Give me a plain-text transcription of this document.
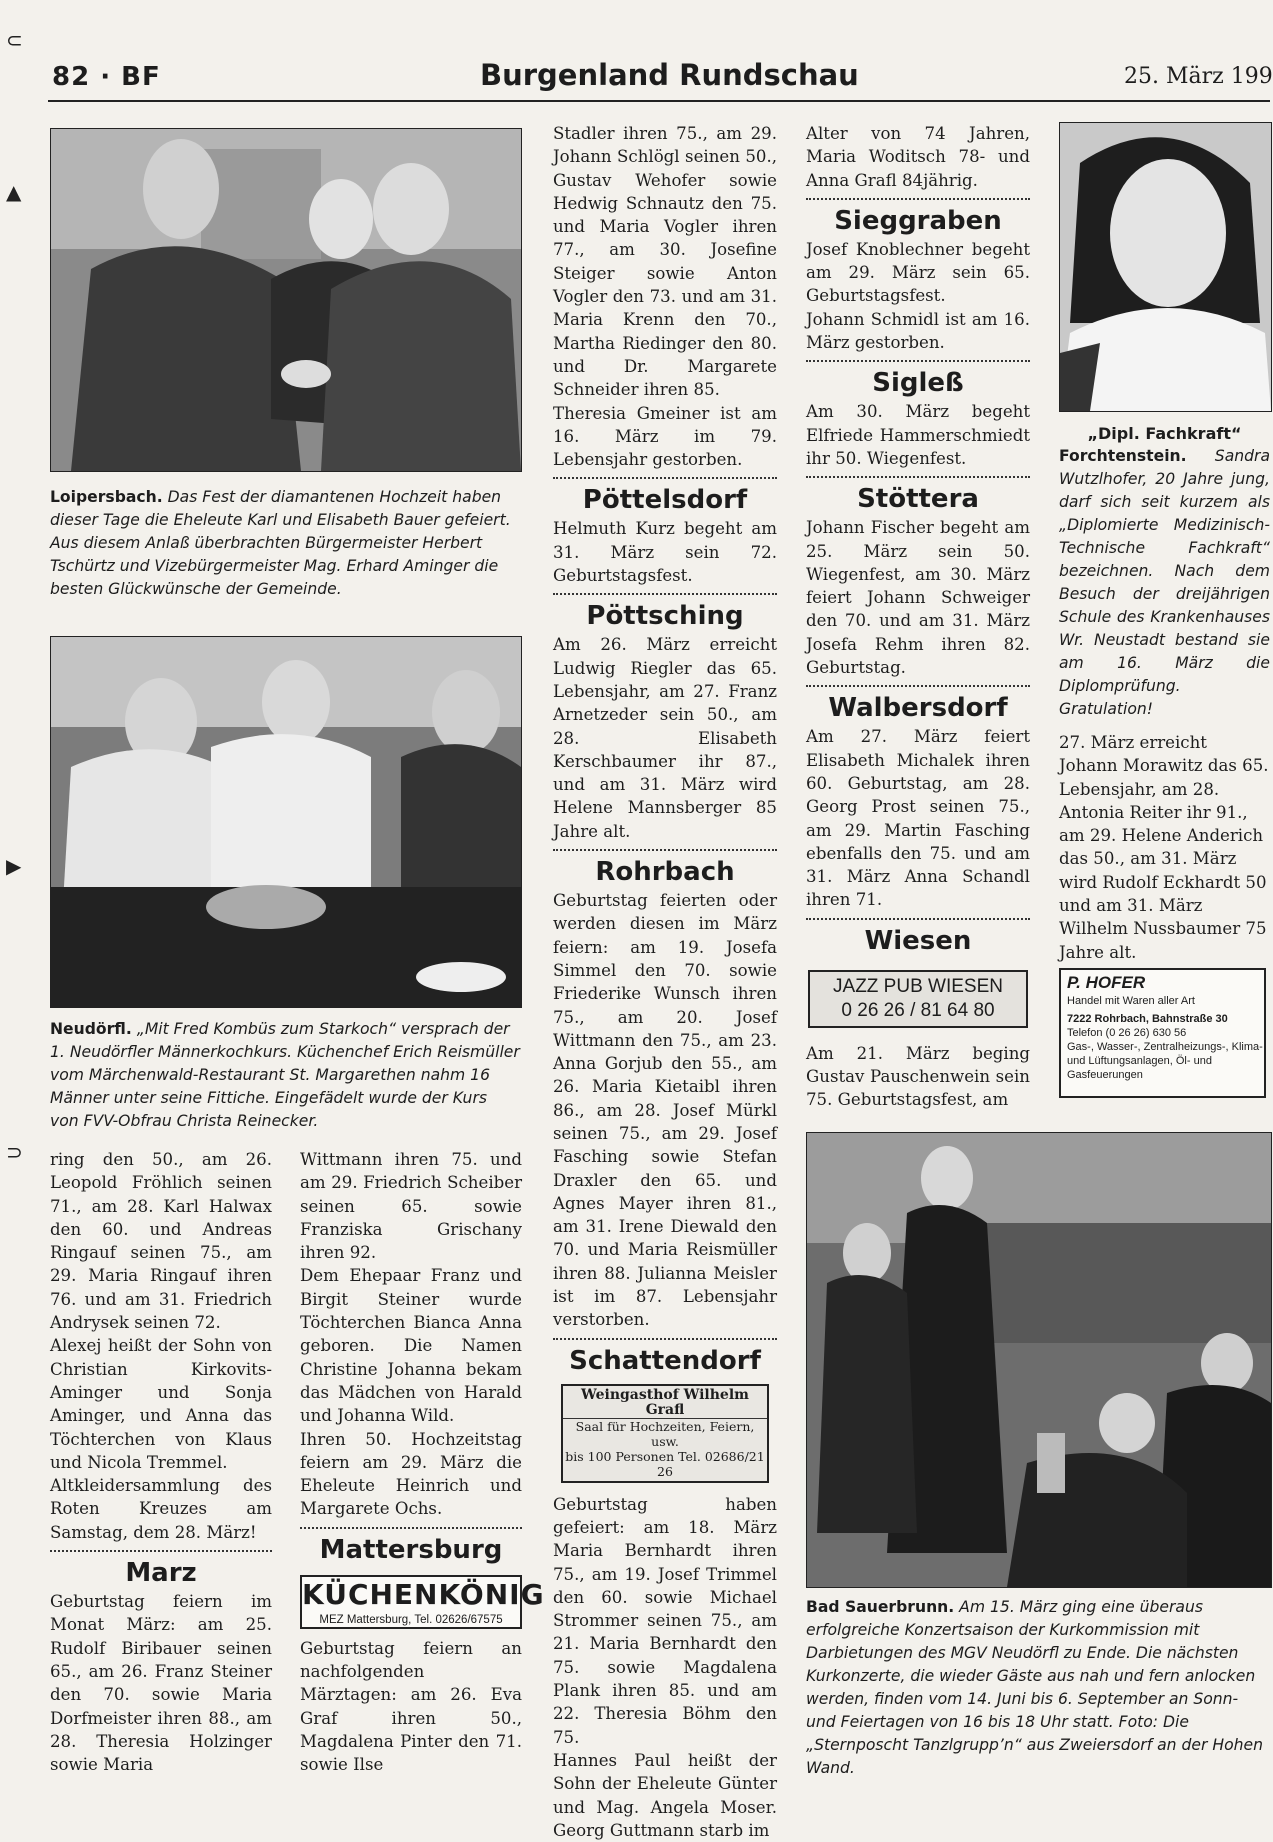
⊂
▲
▶
⊃
82 · BF	Burgenland Rundschau	25. März 199
Loipersbach. Das Fest der diamantenen Hochzeit haben dieser Tage die Eheleute Karl und Elisabeth Bauer gefeiert. Aus diesem Anlaß überbrachten Bürgermeister Herbert Tschürtz und Vizebürgermeister Mag. Erhard Aminger die besten Glückwünsche der Gemeinde.
Neudörfl. „Mit Fred Kombüs zum Starkoch“ versprach der 1. Neudörfler Männerkochkurs. Küchenchef Erich Reismüller vom Märchenwald-Restaurant St. Margarethen nahm 16 Männer unter seine Fittiche. Eingefädelt wurde der Kurs von FVV-Obfrau Christa Reinecker.

ring den 50., am 26. Leopold Fröhlich seinen 71., am 28. Karl Halwax den 60. und Andreas Ringauf seinen 75., am 29. Maria Ringauf ihren 76. und am 31. Friedrich Andrysek seinen 72.

Alexej heißt der Sohn von Christian Kirkovits-Aminger und Sonja Aminger, und Anna das Töchterchen von Klaus und Nicola Tremmel.

Altkleidersammlung des Roten Kreuzes am Samstag, dem 28. März!

Marz

Geburtstag feiern im Monat März: am 25. Rudolf Biribauer seinen 65., am 26. Franz Steiner den 70. sowie Maria Dorfmeister ihren 88., am 28. Theresia Holzinger sowie Maria

Wittmann ihren 75. und am 29. Friedrich Scheiber seinen 65. sowie Franziska Grischany ihren 92.

Dem Ehepaar Franz und Birgit Steiner wurde Töchterchen Bianca Anna geboren. Die Namen Christine Johanna bekam das Mädchen von Harald und Johanna Wild.

Ihren 50. Hochzeitstag feiern am 29. März die Eheleute Heinrich und Margarete Ochs.

Mattersburg
KÜCHENKÖNIG
MEZ Mattersburg, Tel. 02626/67575

Geburtstag feiern an nachfolgenden Märztagen: am 26. Eva Graf ihren 50., Magdalena Pinter den 71. sowie Ilse

Stadler ihren 75., am 29. Johann Schlögl seinen 50., Gustav Wehofer sowie Hedwig Schnautz den 75. und Maria Vogler ihren 77., am 30. Josefine Steiger sowie Anton Vogler den 73. und am 31. Maria Krenn den 70., Martha Riedinger den 80. und Dr. Margarete Schneider ihren 85.

Theresia Gmeiner ist am 16. März im 79. Lebensjahr gestorben.

Pöttelsdorf

Helmuth Kurz begeht am 31. März sein 72. Geburtstagsfest.

Pöttsching

Am 26. März erreicht Ludwig Riegler das 65. Lebensjahr, am 27. Franz Arnetzeder sein 50., am 28. Elisabeth Kerschbaumer ihr 87., und am 31. März wird Helene Mannsberger 85 Jahre alt.

Rohrbach

Geburtstag feierten oder werden diesen im März feiern: am 19. Josefa Simmel den 70. sowie Friederike Wunsch ihren 75., am 20. Josef Wittmann den 75., am 23. Anna Gorjub den 55., am 26. Maria Kietaibl ihren 86., am 28. Josef Mürkl seinen 75., am 29. Josef Fasching sowie Stefan Draxler den 65. und Agnes Mayer ihren 81., am 31. Irene Diewald den 70. und Maria Reismüller ihren 88. Julianna Meisler ist im 87. Lebensjahr verstorben.

Schattendorf
Weingasthof Wilhelm Grafl
Saal für Hochzeiten, Feiern, usw.
bis 100 Personen Tel. 02686/21 26

Geburtstag haben gefeiert: am 18. März Maria Bernhardt ihren 75., am 19. Josef Trimmel den 60. sowie Michael Strommer seinen 75., am 21. Maria Bernhardt den 75. sowie Magdalena Plank ihren 85. und am 22. Theresia Böhm den 75.

Hannes Paul heißt der Sohn der Eheleute Günter und Mag. Angela Moser. Georg Guttmann starb im

Alter von 74 Jahren, Maria Woditsch 78- und Anna Grafl 84jährig.

Sieggraben

Josef Knoblechner begeht am 29. März sein 65. Geburtstagsfest.

Johann Schmidl ist am 16. März gestorben.

Sigleß

Am 30. März begeht Elfriede Hammerschmiedt ihr 50. Wiegenfest.

Stöttera

Johann Fischer begeht am 25. März sein 50. Wiegenfest, am 30. März feiert Johann Schweiger den 70. und am 31. März Josefa Rehm ihren 82. Geburtstag.

Walbersdorf

Am 27. März feiert Elisabeth Michalek ihren 60. Geburtstag, am 28. Georg Prost seinen 75., am 29. Martin Fasching ebenfalls den 75. und am 31. März Anna Schandl ihren 71.

Wiesen
JAZZ PUB WIESEN
0 26 26 / 81 64 80

Am 21. März beging Gustav Pauschenwein sein 75. Geburtstagsfest, am

„Dipl. Fachkraft“
Forchtenstein. Sandra Wutzlhofer, 20 Jahre jung, darf sich seit kurzem als „Diplomierte Medizinisch-Technische Fachkraft“ bezeichnen. Nach dem Besuch der dreijährigen Schule des Krankenhauses Wr. Neustadt bestand sie am 16. März die Diplomprüfung. Gratulation!

27. März erreicht Johann Morawitz das 65. Lebensjahr, am 28. Antonia Reiter ihr 91., am 29. Helene Anderich das 50., am 31. März wird Rudolf Eckhardt 50 und am 31. März Wilhelm Nussbaumer 75 Jahre alt.

P. HOFER
Handel mit Waren aller Art
7222 Rohrbach, Bahnstraße 30
Telefon (0 26 26) 630 56
Gas-, Wasser-, Zentralheizungs-, Klima- und Lüftungsanlagen, Öl- und Gasfeuerungen
Bad Sauerbrunn. Am 15. März ging eine überaus erfolgreiche Konzertsaison der Kurkommission mit Darbietungen des MGV Neudörfl zu Ende. Die nächsten Kurkonzerte, die wieder Gäste aus nah und fern anlocken werden, finden vom 14. Juni bis 6. September an Sonn- und Feiertagen von 16 bis 18 Uhr statt. Foto: Die „Sternposcht Tanzlgrupp’n“ aus Zweiersdorf an der Hohen Wand.
